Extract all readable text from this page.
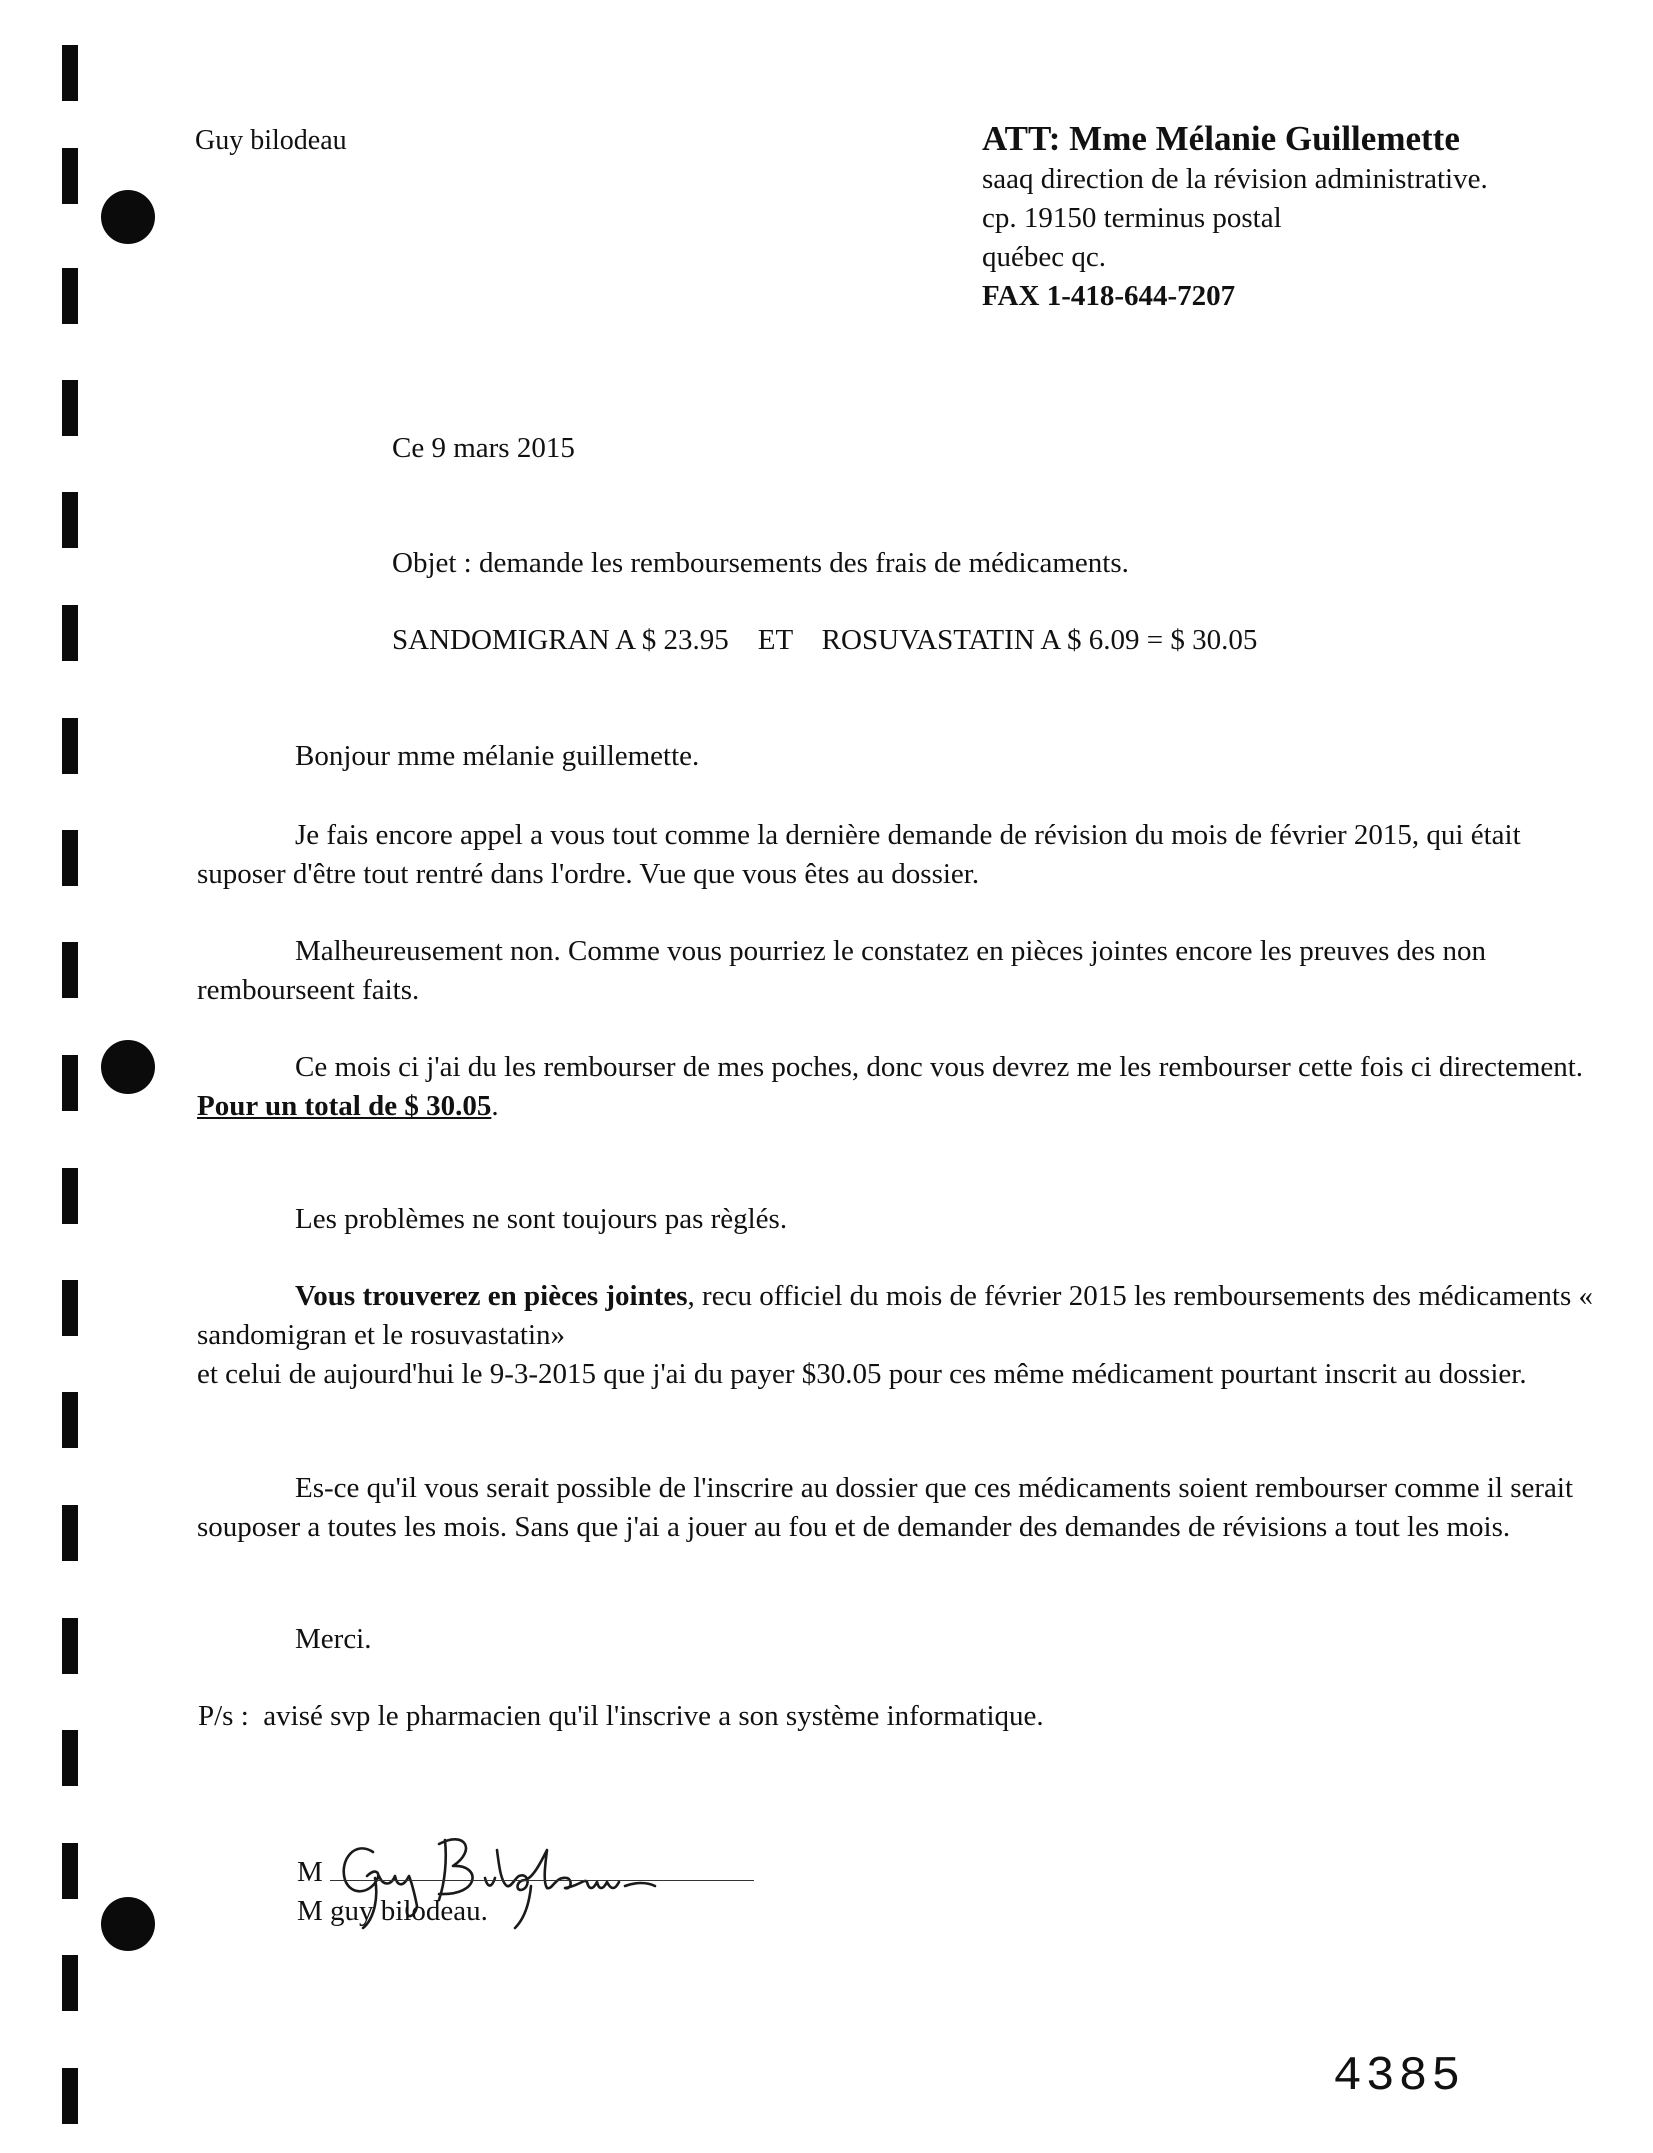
Guy bilodeau	ATT: Mme Mélanie Guillemette
saaq direction de la révision administrative.
cp. 19150 terminus postal
québec qc.
FAX 1-418-644-7207
Ce 9 mars 2015
Objet : demande les remboursements des frais de médicaments.
SANDOMIGRAN A $ 23.95    ET    ROSUVASTATIN A $ 6.09 = $ 30.05
Bonjour mme mélanie guillemette.
Je fais encore appel a vous tout comme la dernière demande de révision du mois de février 2015, qui était suposer d'être tout rentré dans l'ordre. Vue que vous êtes au dossier.
Malheureusement non. Comme vous pourriez le constatez en pièces jointes encore les preuves des non rembourseent faits.
Ce mois ci j'ai du les rembourser de mes poches, donc vous devrez me les rembourser cette fois ci directement. Pour un total de $ 30.05.
Les problèmes ne sont toujours pas règlés.
Vous trouverez en pièces jointes, recu officiel du mois de février 2015 les remboursements des médicaments « sandomigran et le rosuvastatin»
et celui de aujourd'hui le 9-3-2015 que j'ai du payer $30.05 pour ces même médicament pourtant inscrit au dossier.
Es-ce qu'il vous serait possible de l'inscrire au dossier que ces médicaments soient rembourser comme il serait souposer a toutes les mois. Sans que j'ai a jouer au fou et de demander des demandes de révisions a tout les mois.
Merci.
P/s :  avisé svp le pharmacien qu'il l'inscrive a son système informatique.
M
M guy bilodeau.
4385
